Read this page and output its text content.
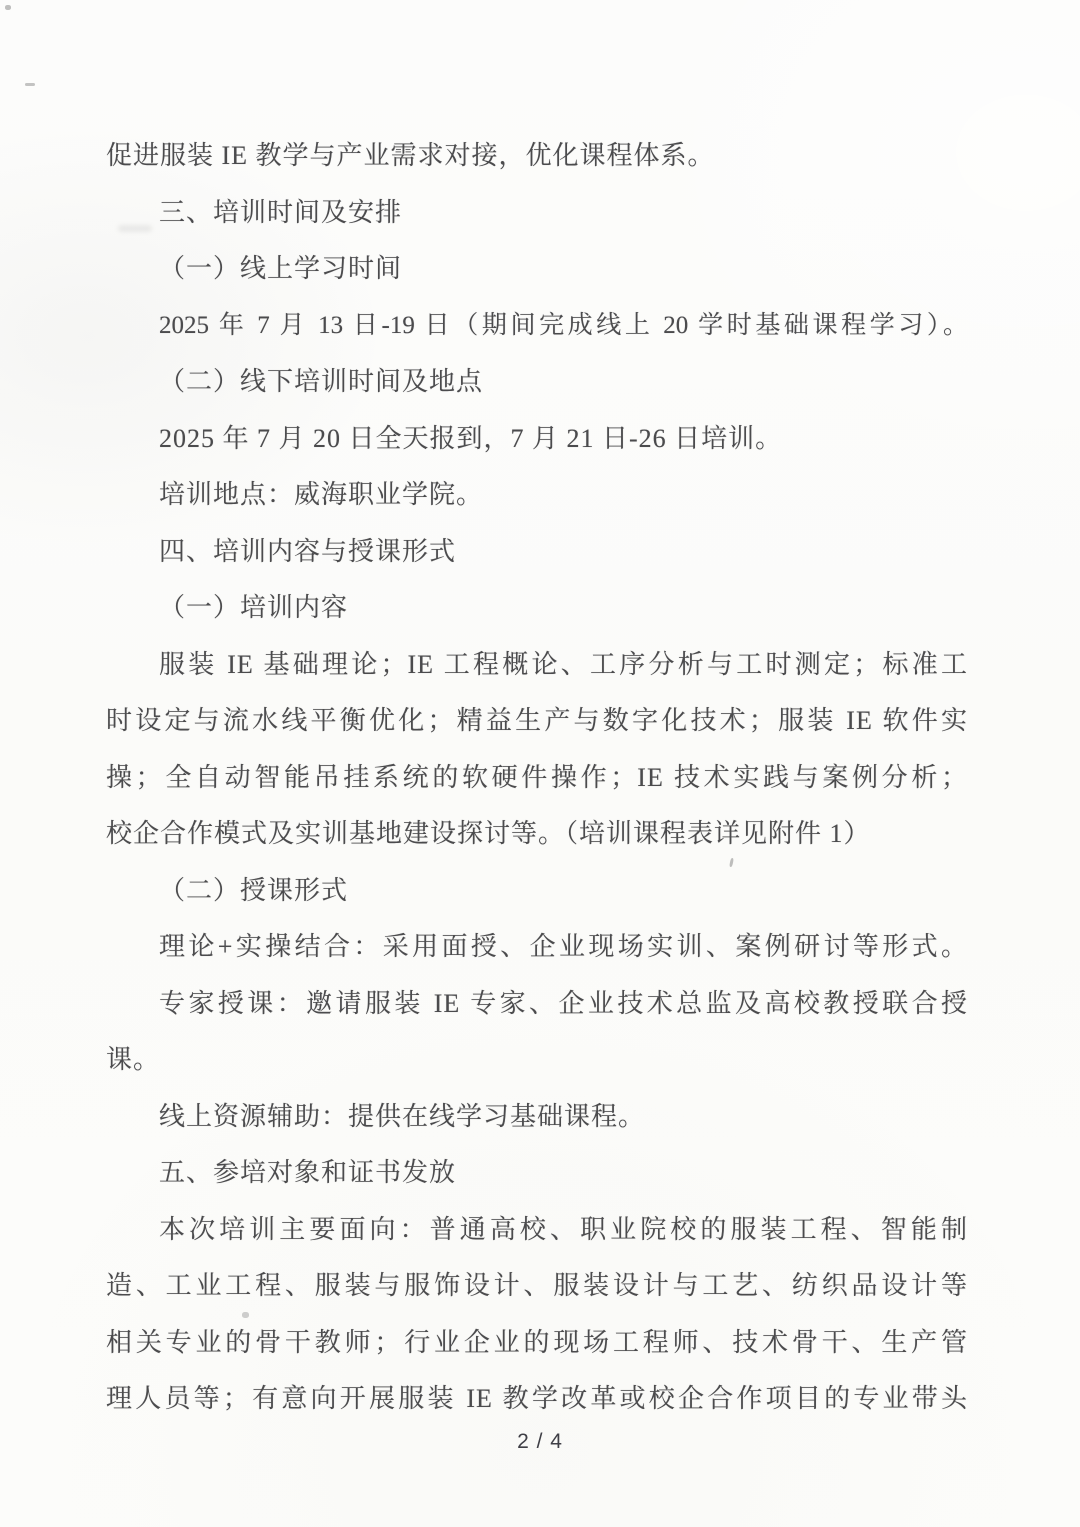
促进服装 IE 教学与产业需求对接，优化课程体系。
三、培训时间及安排
（一）线上学习时间
2025 年 7 月 13 日-19 日（期间完成线上 20 学时基础课程学习）。
（二）线下培训时间及地点
2025 年 7 月 20 日全天报到，7 月 21 日-26 日培训。
培训地点：威海职业学院。
四、培训内容与授课形式
（一）培训内容
服装 IE 基础理论；IE 工程概论、工序分析与工时测定；标准工
时设定与流水线平衡优化；精益生产与数字化技术；服装 IE 软件实
操；全自动智能吊挂系统的软硬件操作；IE 技术实践与案例分析；
校企合作模式及实训基地建设探讨等。（培训课程表详见附件 1）
（二）授课形式
理论+实操结合：采用面授、企业现场实训、案例研讨等形式。
专家授课：邀请服装 IE 专家、企业技术总监及高校教授联合授
课。
线上资源辅助：提供在线学习基础课程。
五、参培对象和证书发放
本次培训主要面向：普通高校、职业院校的服装工程、智能制
造、工业工程、服装与服饰设计、服装设计与工艺、纺织品设计等
相关专业的骨干教师；行业企业的现场工程师、技术骨干、生产管
理人员等；有意向开展服装 IE 教学改革或校企合作项目的专业带头
2 / 4
